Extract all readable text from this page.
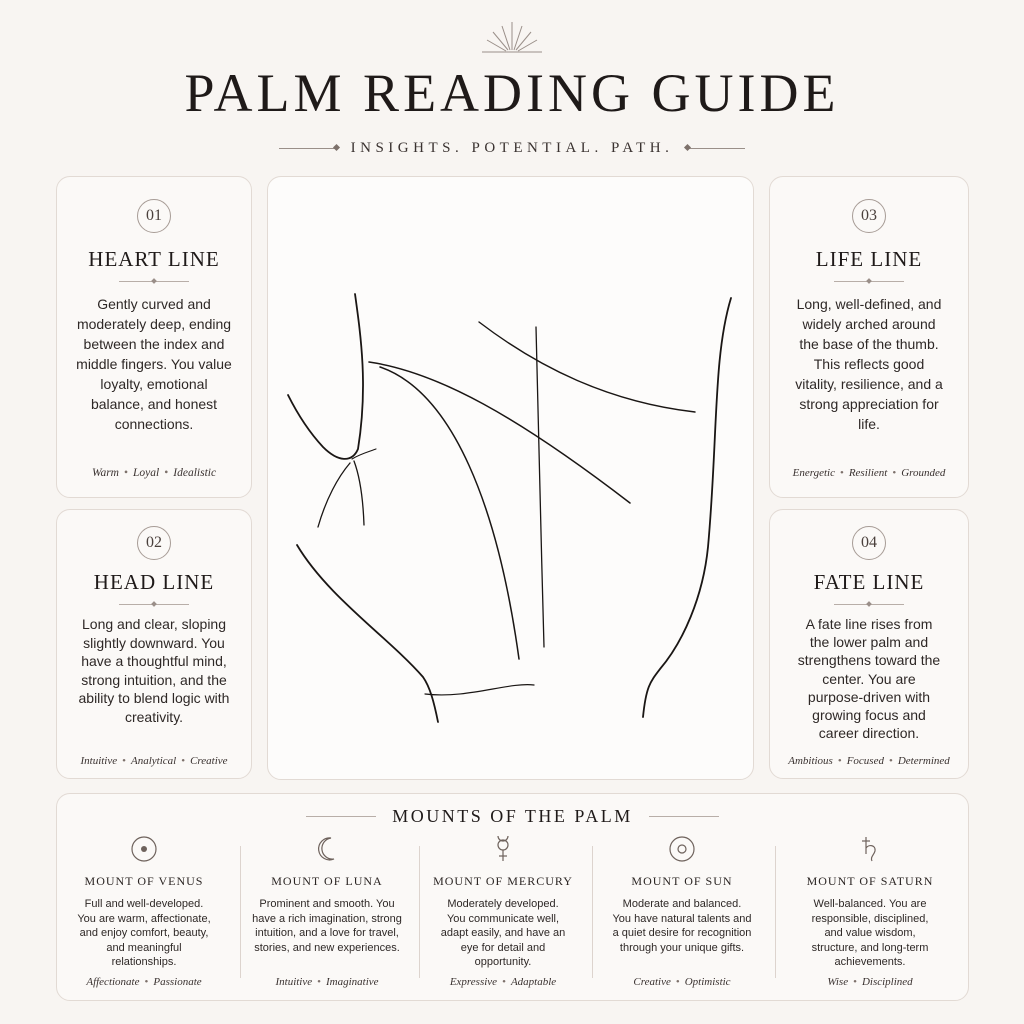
PALM READING GUIDE
INSIGHTS. POTENTIAL. PATH.
01
HEART LINE
Gently curved and moderately deep, ending between the index and middle fingers. You value loyalty, emotional balance, and honest connections.
Warm • Loyal • Idealistic
02
HEAD LINE
Long and clear, sloping slightly downward. You have a thoughtful mind, strong intuition, and the ability to blend logic with creativity.
Intuitive • Analytical • Creative
03
LIFE LINE
Long, well-defined, and widely arched around the base of the thumb. This reflects good vitality, resilience, and a strong appreciation for life.
Energetic • Resilient • Grounded
04
FATE LINE
A fate line rises from the lower palm and strengthens toward the center. You are purpose-driven with growing focus and career direction.
Ambitious • Focused • Determined
MOUNTS OF THE PALM
MOUNT OF VENUS
Full and well-developed. You are warm, affectionate, and enjoy comfort, beauty, and meaningful relationships.
Affectionate • Passionate
MOUNT OF LUNA
Prominent and smooth. You have a rich imagination, strong intuition, and a love for travel, stories, and new experiences.
Intuitive • Imaginative
MOUNT OF MERCURY
Moderately developed. You communicate well, adapt easily, and have an eye for detail and opportunity.
Expressive • Adaptable
MOUNT OF SUN
Moderate and balanced. You have natural talents and a quiet desire for recognition through your unique gifts.
Creative • Optimistic
MOUNT OF SATURN
Well-balanced. You are responsible, disciplined, and value wisdom, structure, and long-term achievements.
Wise • Disciplined
